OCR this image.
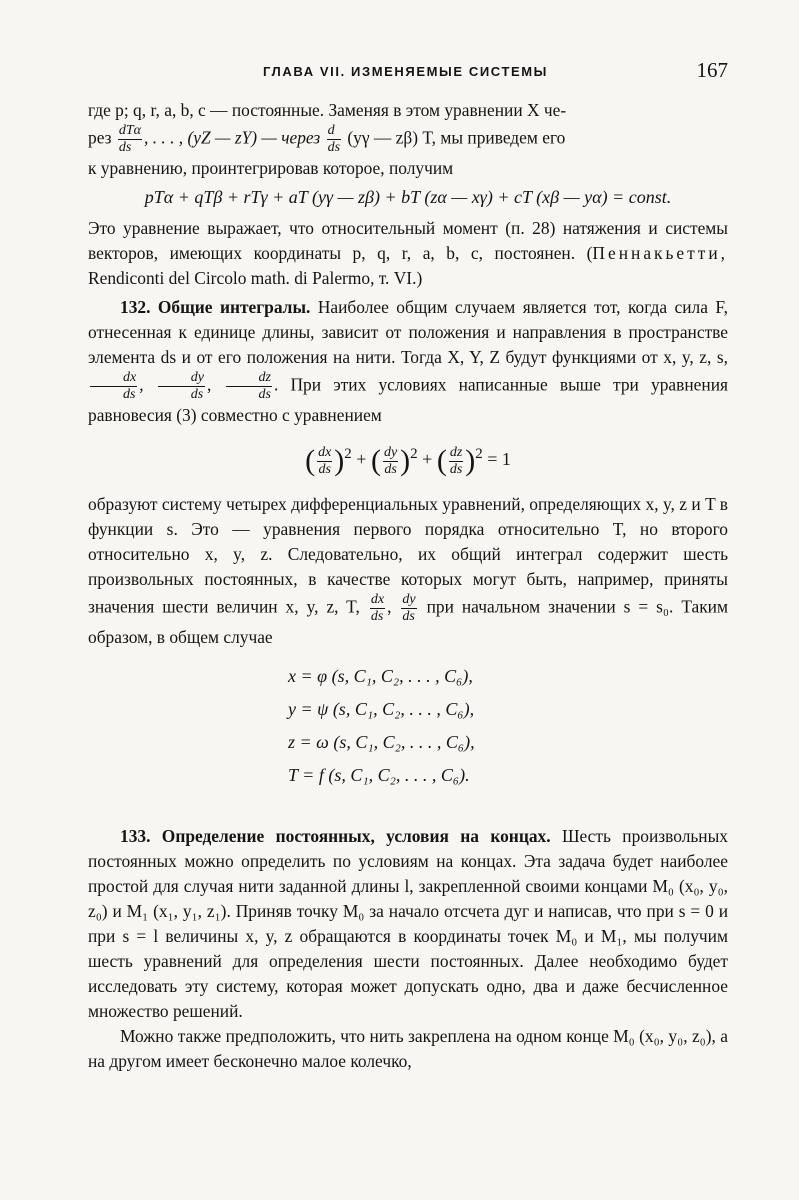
ГЛАВА VII. ИЗМЕНЯЕМЫЕ СИСТЕМЫ	167

где p; q, r, a, b, c — постоянные. Заменяя в этом уравнении X че-

рез $\frac{\text{dTα}}{ds}$ , . . . , (yZ — zY) — через $\frac{d}{ds} (y\gamma$ — zβ) T, мы приведем его

к уравнению, проинтегрировав которое, получим

pTα + qTβ + rTγ + aT (yγ — zβ) + bT (zα — xγ) + cT (xβ — yα) = const.

Это уравнение выражает, что относительный момент (п. 28) натяжения и системы векторов, имеющих координаты p, q, r, a, b, c, постоянен. (Пеннакьетти, Rendiconti del Circolo math. di Palermo, т. VI.)

132. Общие интегралы. Наиболее общим случаем является тот, когда сила F, отнесенная к единице длины, зависит от положения и направления в пространстве элемента ds и от его положения на нити. Тогда X, Y, Z будут функциями от x, y, z, s,
$\frac{dx}{ds}$ , $\frac{dy}{ds}$ , $\frac{dz}{ds}$ . При этих условиях написанные выше три уравнения равновесия (3) совместно с уравнением

( $\frac{dx}{ds} )^2$ + ( $\frac{dy}{ds} )^2$ + ( $\frac{dz}{ds} )^2 = 1$

образуют систему четырех дифференциальных уравнений, определяющих x, y, z и T в функции s. Это — уравнения первого порядка относительно T, но второго относительно x, y, z. Следовательно, их общий интеграл содержит шесть произвольных постоянных, в качестве которых могут быть, например, приняты значения шести величин x, y, z, T, $\frac{dx}{ds}$ , $\frac{dy}{ds}$ при начальном значении s = s₀. Таким образом, в общем случае

x = φ (s, C₁, C₂, . . . , C₆),
y = ψ (s, C₁, C₂, . . . , C₆),
z = ω (s, C₁, C₂, . . . , C₆),
T = f (s, C₁, C₂, . . . , C₆).

133. Определение постоянных, условия на концах. Шесть произвольных постоянных можно определить по условиям на концах. Эта задача будет наиболее простой для случая нити заданной длины l, закрепленной своими концами M₀ (x₀, y₀, z₀) и M₁ (x₁, y₁, z₁). Приняв точку M₀ за начало отсчета дуг и написав, что при s = 0 и при s = l величины x, y, z обращаются в координаты точек M₀ и M₁, мы получим шесть уравнений для определения шести постоянных. Далее необходимо будет исследовать эту систему, которая может допускать одно, два и даже бесчисленное множество решений.

Можно также предположить, что нить закреплена на одном конце M₀ (x₀, y₀, z₀), а на другом имеет бесконечно малое колечко,
